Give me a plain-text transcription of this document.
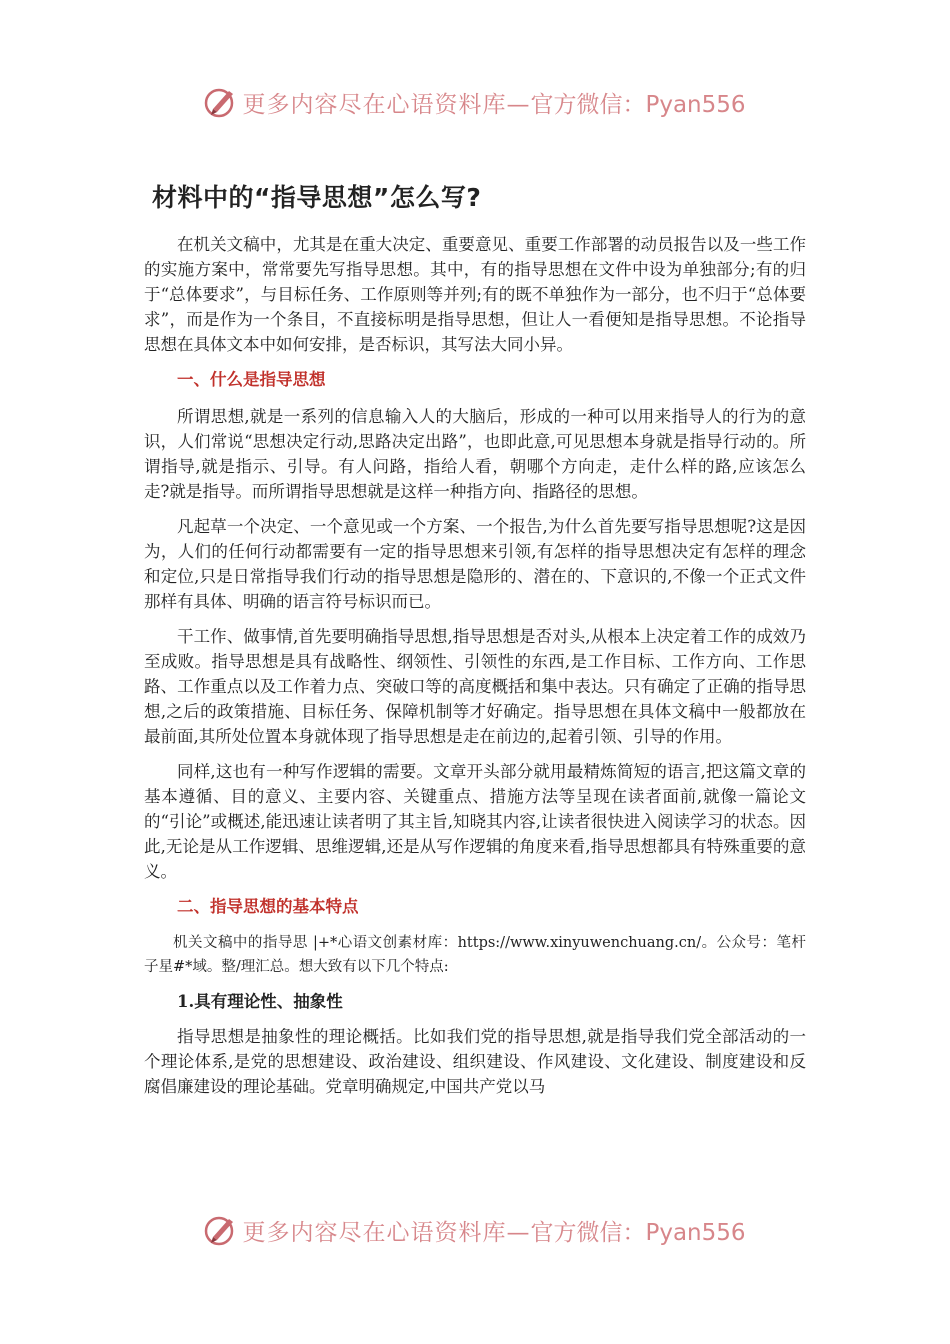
更多内容尽在心语资料库—官方微信：Pyan556
材料中的“指导思想”怎么写?

在机关文稿中，尤其是在重大决定、重要意见、重要工作部署的动员报告以及一些工作的实施方案中，常常要先写指导思想。其中，有的指导思想在文件中设为单独部分;有的归于“总体要求”，与目标任务、工作原则等并列;有的既不单独作为一部分，也不归于“总体要求”，而是作为一个条目，不直接标明是指导思想，但让人一看便知是指导思想。不论指导思想在具体文本中如何安排，是否标识，其写法大同小异。

一、什么是指导思想

所谓思想,就是一系列的信息输入人的大脑后，形成的一种可以用来指导人的行为的意识，人们常说“思想决定行动,思路决定出路”，也即此意,可见思想本身就是指导行动的。所谓指导,就是指示、引导。有人问路，指给人看，朝哪个方向走，走什么样的路,应该怎么走?就是指导。而所谓指导思想就是这样一种指方向、指路径的思想。

凡起草一个决定、一个意见或一个方案、一个报告,为什么首先要写指导思想呢?这是因为，人们的任何行动都需要有一定的指导思想来引领,有怎样的指导思想决定有怎样的理念和定位,只是日常指导我们行动的指导思想是隐形的、潜在的、下意识的,不像一个正式文件那样有具体、明确的语言符号标识而已。

干工作、做事情,首先要明确指导思想,指导思想是否对头,从根本上决定着工作的成效乃至成败。指导思想是具有战略性、纲领性、引领性的东西,是工作目标、工作方向、工作思路、工作重点以及工作着力点、突破口等的高度概括和集中表达。只有确定了正确的指导思想,之后的政策措施、目标任务、保障机制等才好确定。指导思想在具体文稿中一般都放在最前面,其所处位置本身就体现了指导思想是走在前边的,起着引领、引导的作用。

同样,这也有一种写作逻辑的需要。文章开头部分就用最精炼简短的语言,把这篇文章的基本遵循、目的意义、主要内容、关键重点、措施方法等呈现在读者面前,就像一篇论文的“引论”或概述,能迅速让读者明了其主旨,知晓其内容,让读者很快进入阅读学习的状态。因此,无论是从工作逻辑、思维逻辑,还是从写作逻辑的角度来看,指导思想都具有特殊重要的意义。

二、指导思想的基本特点

机关文稿中的指导思 |+*心语文创素材库：https://www.xinyuwenchuang.cn/。公众号：笔杆子星#*域。整/理汇总。想大致有以下几个特点:

1.具有理论性、抽象性

指导思想是抽象性的理论概括。比如我们党的指导思想,就是指导我们党全部活动的一个理论体系,是党的思想建设、政治建设、组织建设、作风建设、文化建设、制度建设和反腐倡廉建设的理论基础。党章明确规定,中国共产党以马

更多内容尽在心语资料库—官方微信：Pyan556
